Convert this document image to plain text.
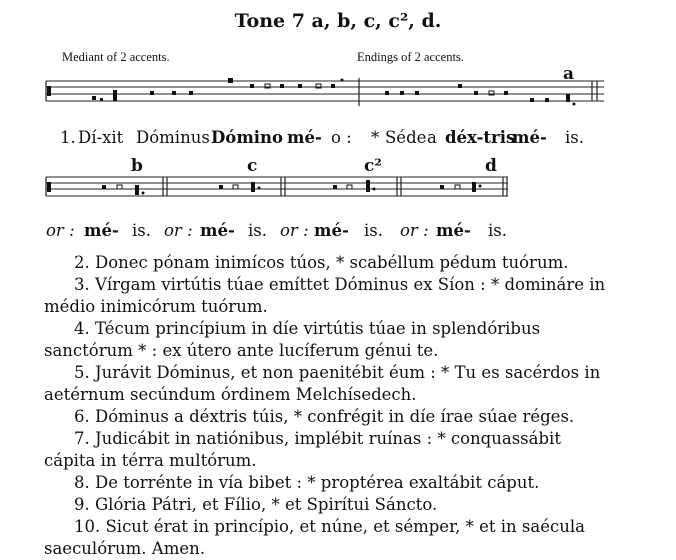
Tone 7 a, b, c, c², d.
Mediant of 2 accents.	Endings of 2 accents.
a
b	c	c²	d
1. Dí-xit Dóminus Dómino mé- o : * Séde a déx-tris
mé- is.
or : mé- is. or : mé- is. or : mé- is. or : mé- is.
2. Donec pónam inimícos túos, * scabéllum pédum tuórum.
3. Vírgam virtútis túae emíttet Dóminus ex Síon : * domináre in médio inimicórum tuórum.
4. Técum princípium in díe virtútis túae in splendóribus sanctórum * : ex útero ante lucíferum génui te.
5. Jurávit Dóminus, et non paenitébit éum : * Tu es sacérdos in aetérnum secúndum órdinem Melchísedech.
6. Dóminus a déxtris túis, * confrégit in díe írae súae réges.
7. Judicábit in natiónibus, implébit ruínas : * conquassábit cápita in térra multórum.
8. De torrénte in vía bibet : * proptérea exaltábit cáput.
9. Glória Pátri, et Fílio, * et Spirítui Sáncto.
10. Sicut érat in princípio, et núne, et sémper, * et in saécula saeculórum. Amen.
